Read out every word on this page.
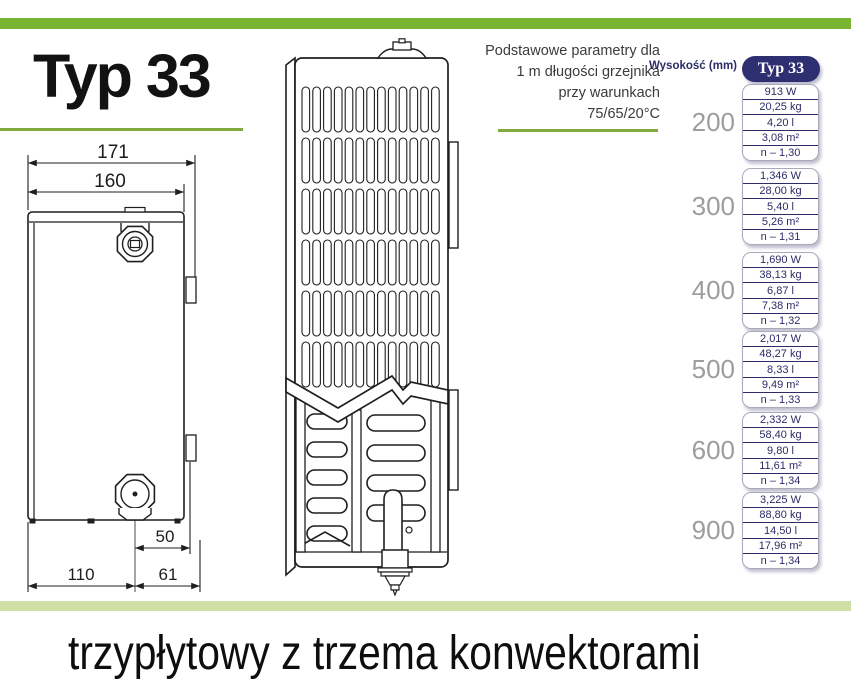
Typ 33
171
160
50
110	61
Podstawowe parametry dla
1 m długości grzejnika
przy warunkach
75/65/20°C
Wysokość (mm)	Typ 33
200
913 W
20,25 kg
4,20 l
3,08 m²
n – 1,30
300
1,346 W
28,00 kg
5,40 l
5,26 m²
n – 1,31
400
1,690 W
38,13 kg
6,87 l
7,38 m²
n – 1,32
500
2,017 W
48,27 kg
8,33 l
9,49 m²
n – 1,33
600
2,332 W
58,40 kg
9,80 l
11,61 m²
n – 1,34
900
3,225 W
88,80 kg
14,50 l
17,96 m²
n – 1,34
trzypłytowy z trzema konwektorami
